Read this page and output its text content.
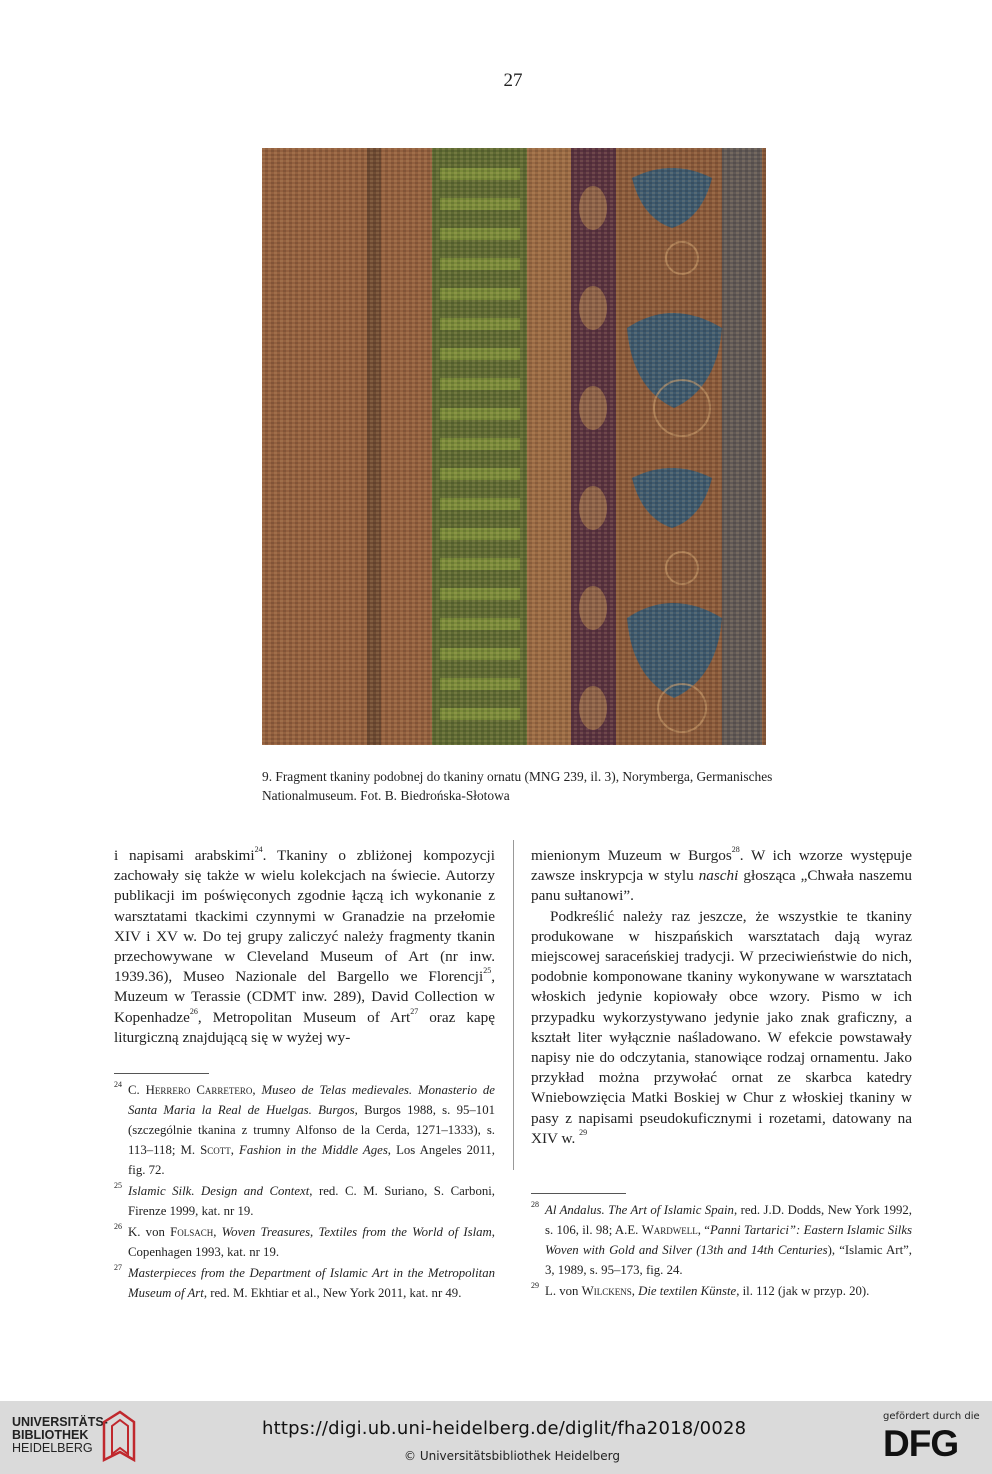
27
9. Fragment tkaniny podobnej do tkaniny ornatu (MNG 239, il. 3), Norymberga, Germanisches Nationalmuseum. Fot. B. Biedrońska-Słotowa

i napisami arabskimi$^{24}$. Tkaniny o zbliżonej kompozycji zachowały się także w wielu kolekcjach na świecie. Autorzy publikacji im poświęconych zgodnie łączą ich wykonanie z warsztatami tkackimi czynnymi w Granadzie na przełomie XIV i XV w. Do tej grupy zaliczyć należy fragmenty tkanin przechowywane w Cleveland Museum of Art (nr inw. 1939.36), Museo Nazionale del Bargello we Florencji$^{25}$, Muzeum w Terassie (CDMT inw. 289), David Collection w Kopenhadze$^{26}$, Metropolitan Museum of Art$^{27}$ oraz kapę liturgiczną znajdującą się w wyżej wy-

mienionym Muzeum w Burgos$^{28}$. W ich wzorze występuje zawsze inskrypcja w stylu naschi głosząca „Chwała naszemu panu sułtanowi”.

Podkreślić należy raz jeszcze, że wszystkie te tkaniny produkowane w hiszpańskich warsztatach dają wyraz miejscowej saraceńskiej tradycji. W przeciwieństwie do nich, podobnie komponowane tkaniny wykonywane w warsztatach włoskich jedynie kopiowały obce wzory. Pismo w ich przypadku wykorzystywano jedynie jako znak graficzny, a kształt liter wyłącznie naśladowano. W efekcie powstawały napisy nie do odczytania, stanowiące rodzaj ornamentu. Jako przykład można przywołać ornat ze skarbca katedry Wniebowzięcia Matki Boskiej w Chur z włoskiej tkaniny w pasy z napisami pseudokuficznymi i rozetami, datowany na XIV w. $^{29}$

24 C. Herrero Carretero, Museo de Telas medievales. Monasterio de Santa Maria la Real de Huelgas. Burgos, Burgos 1988, s. 95–101 (szczególnie tkanina z trumny Alfonso de la Cerda, 1271–1333), s. 113–118; M. Scott, Fashion in the Middle Ages, Los Angeles 2011, fig. 72.
25 Islamic Silk. Design and Context, red. C. M. Suriano, S. Carboni, Firenze 1999, kat. nr 19.
26 K. von Folsach, Woven Treasures, Textiles from the World of Islam, Copenhagen 1993, kat. nr 19.
27 Masterpieces from the Department of Islamic Art in the Metropolitan Museum of Art, red. M. Ekhtiar et al., New York 2011, kat. nr 49.
28 Al Andalus. The Art of Islamic Spain, red. J.D. Dodds, New York 1992, s. 106, il. 98; A.E. Wardwell, “Panni Tartarici”: Eastern Islamic Silks Woven with Gold and Silver (13th and 14th Centuries), “Islamic Art”, 3, 1989, s. 95–173, fig. 24.
29 L. von Wilckens, Die textilen Künste, il. 112 (jak w przyp. 20).
UNIVERSITÄTS-
BIBLIOTHEK
HEIDELBERG
https://digi.ub.uni-heidelberg.de/diglit/fha2018/0028
© Universitätsbibliothek Heidelberg
gefördert durch die
DFG
